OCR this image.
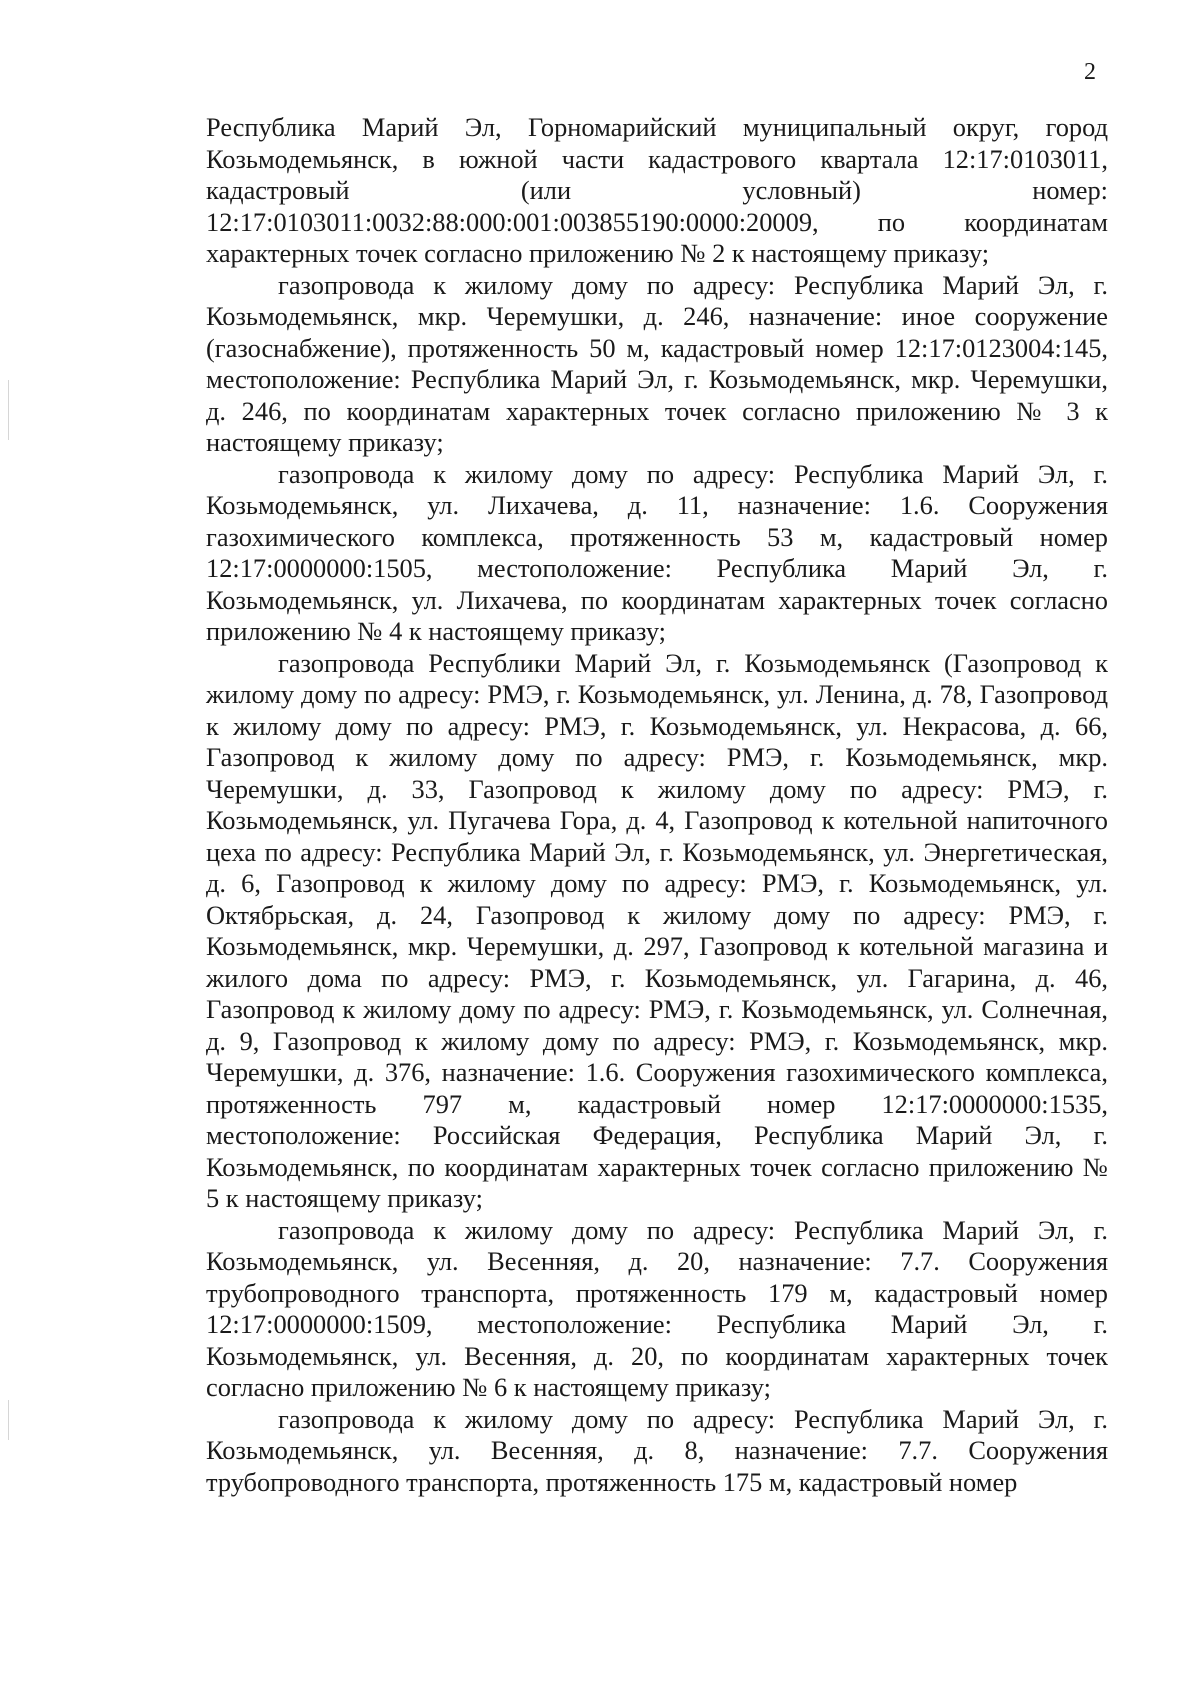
2

Республика Марий Эл, Горномарийский муниципальный округ, город Козьмодемьянск, в южной части кадастрового квартала 12:17:0103011, кадастровый (или условный) номер: 12:17:0103011:0032:88:000:001:003855190:0000:20009, по координатам характерных точек согласно приложению № 2 к настоящему приказу;

газопровода к жилому дому по адресу: Республика Марий Эл, г. Козьмодемьянск, мкр. Черемушки, д. 246, назначение: иное сооружение (газоснабжение), протяженность 50 м, кадастровый номер 12:17:0123004:145, местоположение: Республика Марий Эл, г. Козьмодемьянск, мкр. Черемушки, д. 246, по координатам характерных точек согласно приложению № 3 к настоящему приказу;

газопровода к жилому дому по адресу: Республика Марий Эл, г. Козьмодемьянск, ул. Лихачева, д. 11, назначение: 1.6. Сооружения газохимического комплекса, протяженность 53 м, кадастровый номер 12:17:0000000:1505, местоположение: Республика Марий Эл, г. Козьмодемьянск, ул. Лихачева, по координатам характерных точек согласно приложению № 4 к настоящему приказу;

газопровода Республики Марий Эл, г. Козьмодемьянск (Газопровод к жилому дому по адресу: РМЭ, г. Козьмодемьянск, ул. Ленина, д. 78, Газопровод к жилому дому по адресу: РМЭ, г. Козьмодемьянск, ул. Некрасова, д. 66, Газопровод к жилому дому по адресу: РМЭ, г. Козьмодемьянск, мкр. Черемушки, д. 33, Газопровод к жилому дому по адресу: РМЭ, г. Козьмодемьянск, ул. Пугачева Гора, д. 4, Газопровод к котельной напиточного цеха по адресу: Республика Марий Эл, г. Козьмодемьянск, ул. Энергетическая, д. 6, Газопровод к жилому дому по адресу: РМЭ, г. Козьмодемьянск, ул. Октябрьская, д. 24, Газопровод к жилому дому по адресу: РМЭ, г. Козьмодемьянск, мкр. Черемушки, д. 297, Газопровод к котельной магазина и жилого дома по адресу: РМЭ, г. Козьмодемьянск, ул. Гагарина, д. 46, Газопровод к жилому дому по адресу: РМЭ, г. Козьмодемьянск, ул. Солнечная, д. 9, Газопровод к жилому дому по адресу: РМЭ, г. Козьмодемьянск, мкр. Черемушки, д. 376, назначение: 1.6. Сооружения газохимического комплекса, протяженность 797 м, кадастровый номер 12:17:0000000:1535, местоположение: Российская Федерация, Республика Марий Эл, г. Козьмодемьянск, по координатам характерных точек согласно приложению № 5 к настоящему приказу;

газопровода к жилому дому по адресу: Республика Марий Эл, г. Козьмодемьянск, ул. Весенняя, д. 20, назначение: 7.7. Сооружения трубопроводного транспорта, протяженность 179 м, кадастровый номер 12:17:0000000:1509, местоположение: Республика Марий Эл, г. Козьмодемьянск, ул. Весенняя, д. 20, по координатам характерных точек согласно приложению № 6 к настоящему приказу;

газопровода к жилому дому по адресу: Республика Марий Эл, г. Козьмодемьянск, ул. Весенняя, д. 8, назначение: 7.7. Сооружения трубопроводного транспорта, протяженность 175 м, кадастровый номер
